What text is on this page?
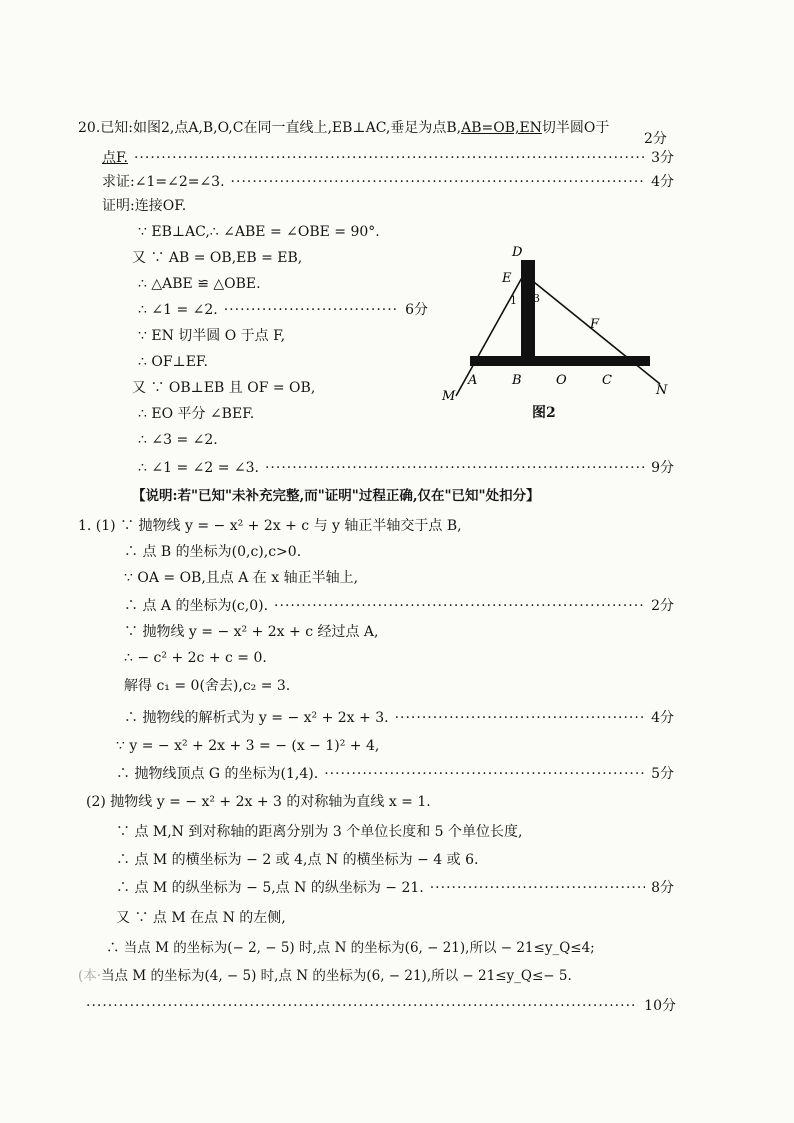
20.已知:如图2,点A,B,O,C在同一直线上,EB⊥AC,垂足为点B, AB=OB,EN 切半圆O于
2分
点F. ·····	3分
求证:∠1=∠2=∠3. ·····	4分
证明:连接OF.
∵ EB⊥AC,∴ ∠ABE = ∠OBE = 90°.
又 ∵ AB = OB,EB = EB,
∴ △ABE ≌ △OBE.
∴ ∠1 = ∠2. ·····	6分
∵ EN 切半圆 O 于点 F,
∴ OF⊥EF.
又 ∵ OB⊥EB 且 OF = OB,
∴ EO 平分 ∠BEF.
∴ ∠3 = ∠2.
∴ ∠1 = ∠2 = ∠3. ·····	9分
【说明:若"已知"未补充完整,而"证明"过程正确,仅在"已知"处扣分】
D
E
1 3
F
M
A	B	O	C
N
图2
1. (1) ∵ 抛物线 y = − x² + 2x + c 与 y 轴正半轴交于点 B,
∴ 点 B 的坐标为(0,c),c>0.
∵ OA = OB,且点 A 在 x 轴正半轴上,
∴ 点 A 的坐标为(c,0). ·····	2分
∵ 抛物线 y = − x² + 2x + c 经过点 A,
∴ − c² + 2c + c = 0.
解得 c₁ = 0(舍去),c₂ = 3.
∴ 抛物线的解析式为 y = − x² + 2x + 3. ·····	4分
∵ y = − x² + 2x + 3 = − (x − 1)² + 4,
∴ 抛物线顶点 G 的坐标为(1,4). ·····	5分
(2) 抛物线 y = − x² + 2x + 3 的对称轴为直线 x = 1.
∵ 点 M,N 到对称轴的距离分别为 3 个单位长度和 5 个单位长度,
∴ 点 M 的横坐标为 − 2 或 4,点 N 的横坐标为 − 4 或 6.
∴ 点 M 的纵坐标为 − 5,点 N 的纵坐标为 − 21. ·····	8分
又 ∵ 点 M 在点 N 的左侧,
∴ 当点 M 的坐标为(− 2, − 5) 时,点 N 的坐标为(6, − 21),所以 − 21≤y_Q≤4;
(本·当点 M 的坐标为(4, − 5) 时,点 N 的坐标为(6, − 21),所以 − 21≤y_Q≤− 5.
·····
10分
